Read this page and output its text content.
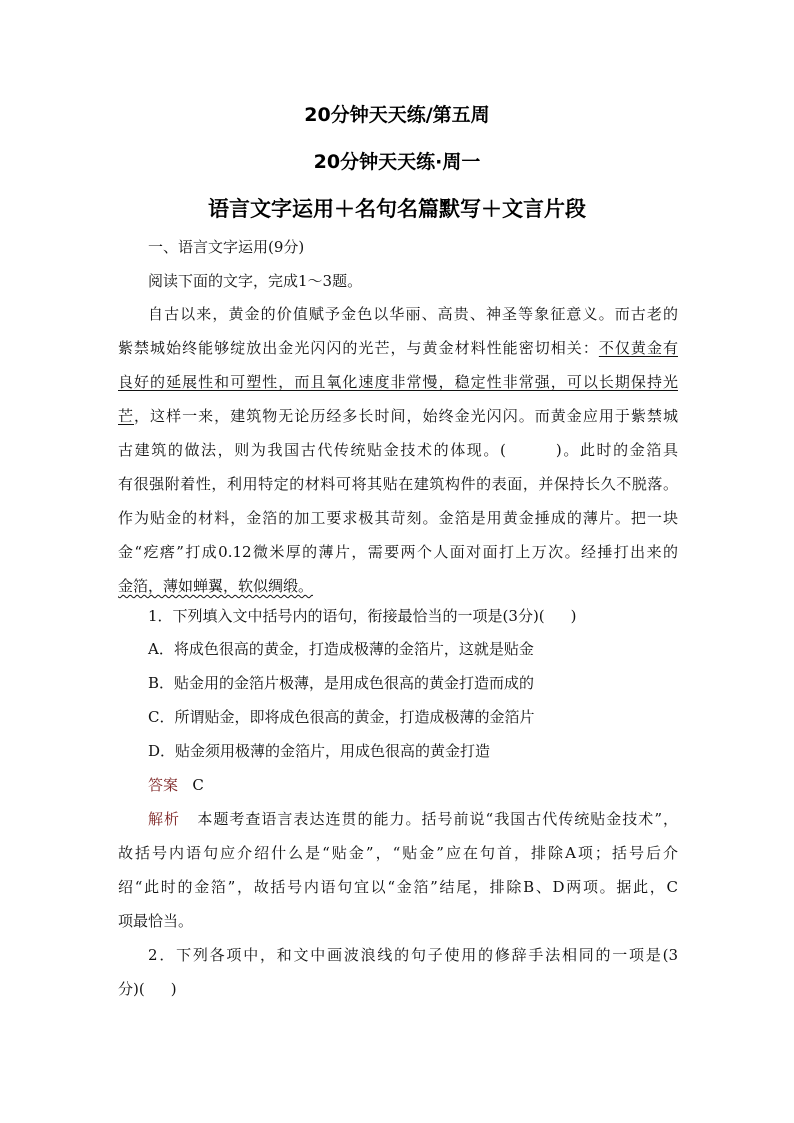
20分钟天天练/第五周
20分钟天天练·周一
语言文字运用＋名句名篇默写＋文言片段
一、语言文字运用(9分)
阅读下面的文字，完成1～3题。
自古以来，黄金的价值赋予金色以华丽、高贵、神圣等象征意义。而古老的
紫禁城始终能够绽放出金光闪闪的光芒，与黄金材料性能密切相关：不仅黄金有
良好的延展性和可塑性，而且氧化速度非常慢，稳定性非常强，可以长期保持光
芒，这样一来，建筑物无论历经多长时间，始终金光闪闪。而黄金应用于紫禁城
古建筑的做法，则为我国古代传统贴金技术的体现。(	)。此时的金箔具
有很强附着性，利用特定的材料可将其贴在建筑构件的表面，并保持长久不脱落。
作为贴金的材料，金箔的加工要求极其苛刻。金箔是用黄金捶成的薄片。把一块
金“疙瘩”打成0.12微米厚的薄片，需要两个人面对面打上万次。经捶打出来的
金箔，薄如蝉翼，软似绸缎。
1．下列填入文中括号内的语句，衔接最恰当的一项是(3分)( )
A．将成色很高的黄金，打造成极薄的金箔片，这就是贴金
B．贴金用的金箔片极薄，是用成色很高的黄金打造而成的
C．所谓贴金，即将成色很高的黄金，打造成极薄的金箔片
D．贴金须用极薄的金箔片，用成色很高的黄金打造
答案 C
解析 本题考查语言表达连贯的能力。括号前说“我国古代传统贴金技术”，
故括号内语句应介绍什么是“贴金”，“贴金”应在句首，排除A项；括号后介
绍“此时的金箔”，故括号内语句宜以“金箔”结尾，排除B、D两项。据此，C
项最恰当。
2．下列各项中，和文中画波浪线的句子使用的修辞手法相同的一项是(3
分)( )
